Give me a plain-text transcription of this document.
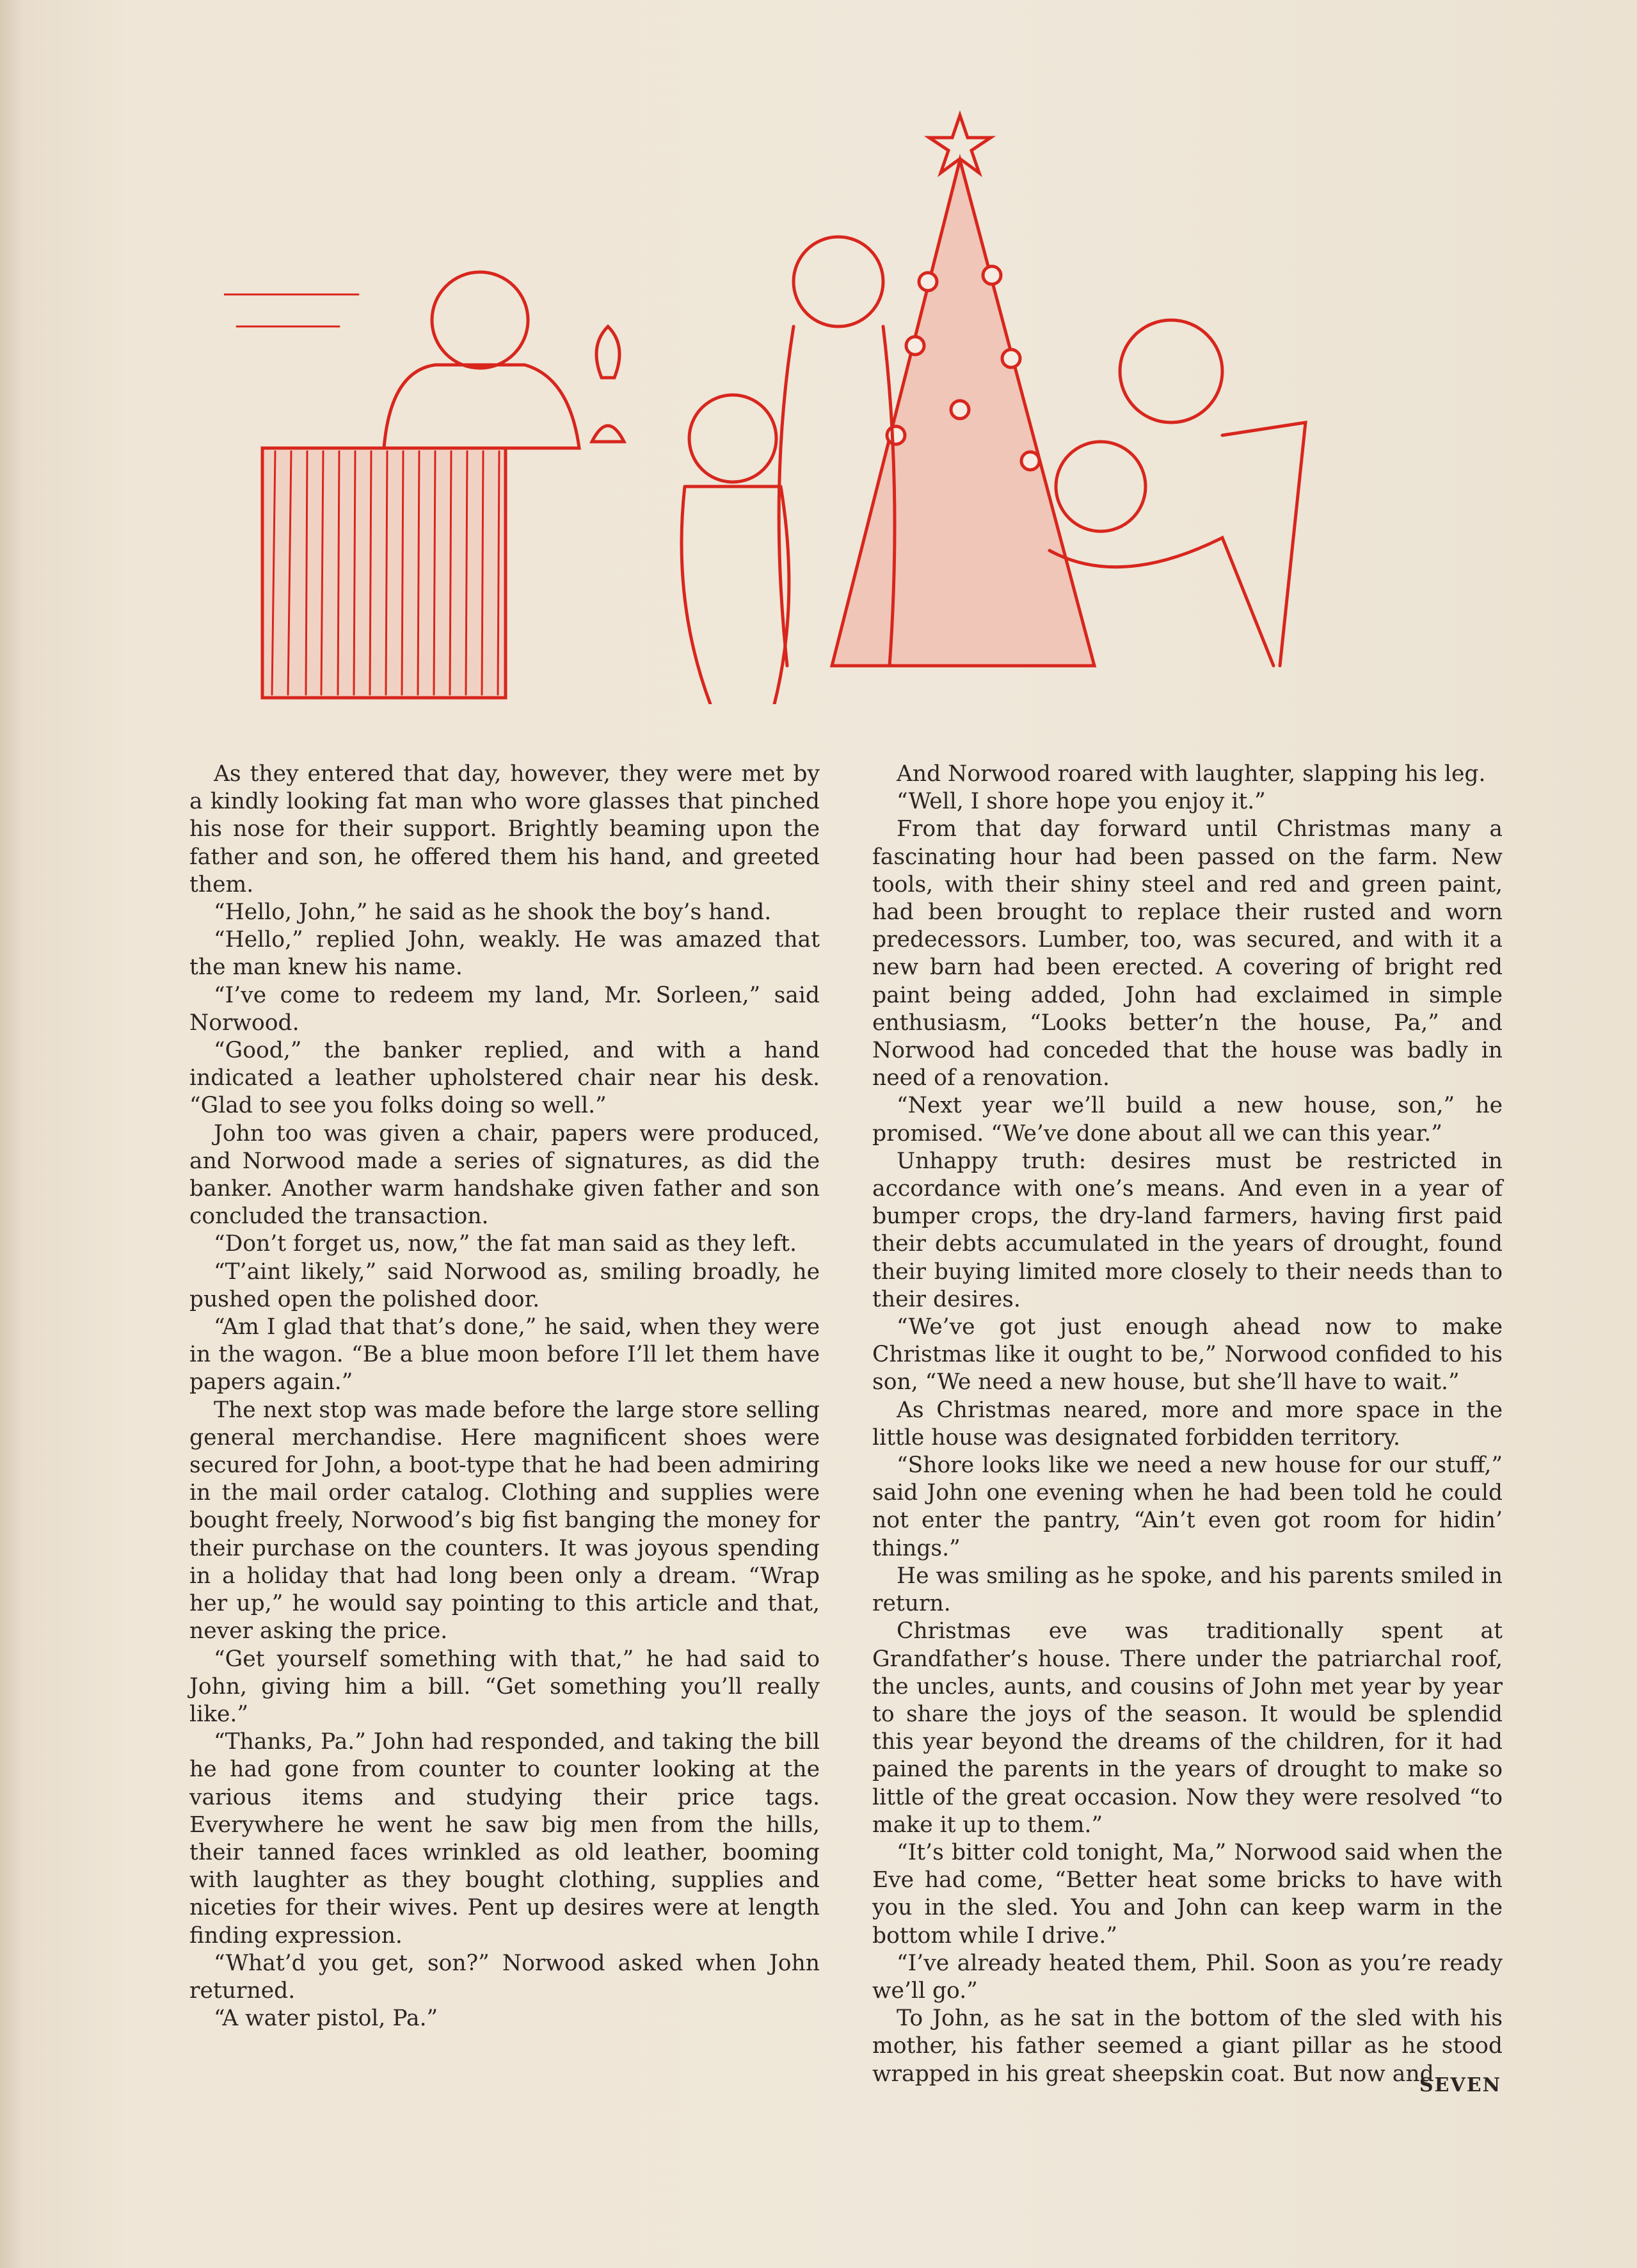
As they entered that day, however, they were met by a kindly looking fat man who wore glasses that pinched his nose for their support. Brightly beaming upon the father and son, he offered them his hand, and greeted them.

“Hello, John,” he said as he shook the boy’s hand.

“Hello,” replied John, weakly. He was amazed that the man knew his name.

“I’ve come to redeem my land, Mr. Sorleen,” said Norwood.

“Good,” the banker replied, and with a hand indicated a leather upholstered chair near his desk. “Glad to see you folks doing so well.”

John too was given a chair, papers were produced, and Norwood made a series of signatures, as did the banker. Another warm handshake given father and son concluded the transaction.

“Don’t forget us, now,” the fat man said as they left.

“T’aint likely,” said Norwood as, smiling broadly, he pushed open the polished door.

“Am I glad that that’s done,” he said, when they were in the wagon. “Be a blue moon before I’ll let them have papers again.”

The next stop was made before the large store selling general merchandise. Here magnificent shoes were secured for John, a boot-type that he had been admiring in the mail order catalog. Clothing and supplies were bought freely, Norwood’s big fist banging the money for their purchase on the counters. It was joyous spending in a holiday that had long been only a dream. “Wrap her up,” he would say pointing to this article and that, never asking the price.

“Get yourself something with that,” he had said to John, giving him a bill. “Get something you’ll really like.”

“Thanks, Pa.” John had responded, and taking the bill he had gone from counter to counter looking at the various items and studying their price tags. Everywhere he went he saw big men from the hills, their tanned faces wrinkled as old leather, booming with laughter as they bought clothing, supplies and niceties for their wives. Pent up desires were at length finding expression.

“What’d you get, son?” Norwood asked when John returned.

“A water pistol, Pa.”

And Norwood roared with laughter, slapping his leg.

“Well, I shore hope you enjoy it.”

From that day forward until Christmas many a fascinating hour had been passed on the farm. New tools, with their shiny steel and red and green paint, had been brought to replace their rusted and worn predecessors. Lumber, too, was secured, and with it a new barn had been erected. A covering of bright red paint being added, John had exclaimed in simple enthusiasm, “Looks better’n the house, Pa,” and Norwood had conceded that the house was badly in need of a renovation.

“Next year we’ll build a new house, son,” he promised. “We’ve done about all we can this year.”

Unhappy truth: desires must be restricted in accordance with one’s means. And even in a year of bumper crops, the dry-land farmers, having first paid their debts accumulated in the years of drought, found their buying limited more closely to their needs than to their desires.

“We’ve got just enough ahead now to make Christmas like it ought to be,” Norwood confided to his son, “We need a new house, but she’ll have to wait.”

As Christmas neared, more and more space in the little house was designated forbidden territory.

“Shore looks like we need a new house for our stuff,” said John one evening when he had been told he could not enter the pantry, “Ain’t even got room for hidin’ things.”

He was smiling as he spoke, and his parents smiled in return.

Christmas eve was traditionally spent at Grandfather’s house. There under the patriarchal roof, the uncles, aunts, and cousins of John met year by year to share the joys of the season. It would be splendid this year beyond the dreams of the children, for it had pained the parents in the years of drought to make so little of the great occasion. Now they were resolved “to make it up to them.”

“It’s bitter cold tonight, Ma,” Norwood said when the Eve had come, “Better heat some bricks to have with you in the sled. You and John can keep warm in the bottom while I drive.”

“I’ve already heated them, Phil. Soon as you’re ready we’ll go.”

To John, as he sat in the bottom of the sled with his mother, his father seemed a giant pillar as he stood wrapped in his great sheepskin coat. But now and

SEVEN
